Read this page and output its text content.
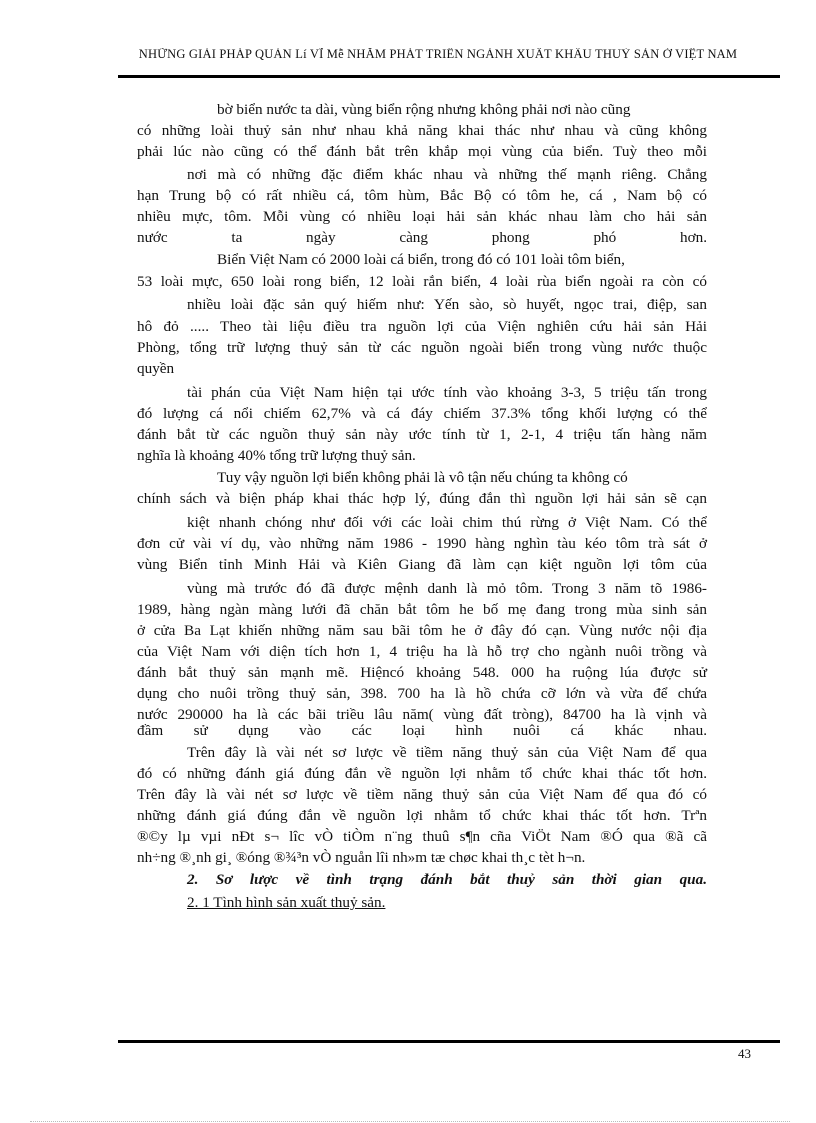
NHỮNG GIẢI PHÁP QUẢN Lí VĨ Mễ NHẰM PHÁT TRIỂN NGÀNH XUẤT KHẨU THUỶ SẢN Ở VIỆT NAM
bờ biển nước ta dài, vùng biển rộng nhưng không phải nơi nào cũng
có những loài thuỷ sản như nhau khả năng khai thác như nhau và cũng không
phải lúc nào cũng có thể đánh bắt trên khắp mọi vùng của biển. Tuỳ theo mỗi
nơi mà có những đặc điểm khác nhau và những thế mạnh riêng. Chẳng
hạn Trung bộ có rất nhiều cá, tôm hùm, Bắc Bộ có tôm he, cá , Nam bộ có
nhiều mực, tôm. Mỗi vùng có nhiều loại hải sản khác nhau làm cho hải sản
nước ta ngày càng phong phó hơn.
Biển Việt Nam có 2000 loài cá biển, trong đó có 101 loài tôm biển,
53 loài mực, 650 loài rong biển, 12 loài rắn biển, 4 loài rùa biển ngoài ra còn có
nhiều loài đặc sản quý hiếm như: Yến sào, sò huyết, ngọc trai, điệp, san
hô đỏ ..... Theo tài liệu điều tra nguồn lợi của Viện nghiên cứu hải sản Hải
Phòng, tổng trữ lượng thuỷ sản từ các nguồn ngoài biển trong vùng nước thuộc
quyền
tài phán của Việt Nam hiện tại ước tính vào khoảng 3-3, 5 triệu tấn trong
đó lượng cá nổi chiếm 62,7% và cá đáy chiếm 37.3% tổng khối lượng có thể
đánh bắt từ các nguồn thuỷ sản này ước tính từ 1, 2-1, 4 triệu tấn hàng năm
nghĩa là khoảng 40% tổng trữ lượng thuỷ sản.
Tuy vậy nguồn lợi biển không phải là vô tận nếu chúng ta không có
chính sách và biện pháp khai thác hợp lý, đúng đắn thì nguồn lợi hải sản sẽ cạn
kiệt nhanh chóng như đối với các loài chim thú rừng ở Việt Nam. Có thể
đơn cử vài ví dụ, vào những năm 1986 - 1990 hàng nghìn tàu kéo tôm trà sát ở
vùng Biển tỉnh Minh Hải và Kiên Giang đã làm cạn kiệt nguồn lợi tôm của
vùng mà trước đó đã được mệnh danh là mỏ tôm. Trong 3 năm tõ 1986-
1989, hàng ngàn màng lưới đã chăn bắt tôm he bố mẹ đang trong mùa sinh sản
ở cửa Ba Lạt khiến những năm sau bãi tôm he ở đây đó cạn. Vùng nước nội địa
của Việt Nam với diện tích hơn 1, 4 triệu ha là hỗ trợ cho ngành nuôi trồng và
đánh bắt thuỷ sản mạnh mẽ. Hiệncó khoảng 548. 000 ha ruộng lúa được sử
dụng cho nuôi trồng thuỷ sản, 398. 700 ha là hồ chứa cỡ lớn và vừa để chứa
nước 290000 ha là các bãi triều lâu năm( vùng đất tròng), 84700 ha là vịnh và
đầm sử dụng vào các loại hình nuôi cá khác nhau.
Trên đây là vài nét sơ lược về tiềm năng thuỷ sản của Việt Nam để qua
đó có những đánh giá đúng đắn về nguồn lợi nhằm tổ chức khai thác tốt hơn.
Trên đây là vài nét sơ lược về tiềm năng thuỷ sản của Việt Nam để qua đó có
những đánh giá đúng đắn về nguồn lợi nhằm tổ chức khai thác tốt hơn. Trªn
®©y lµ vµi nÐt s¬ lîc vÒ tiÒm n¨ng thuû s¶n cña ViÖt Nam ®Ó qua ®ã cã
nh÷ng ®¸nh gi¸ ®óng ®¾³n vÒ nguån lîi nh»m tæ chøc khai th¸c tèt h¬n.
2. Sơ lược về tình trạng đánh bắt thuỷ sản thời gian qua.
2. 1 Tình hình sản xuất thuỷ sản.
43
